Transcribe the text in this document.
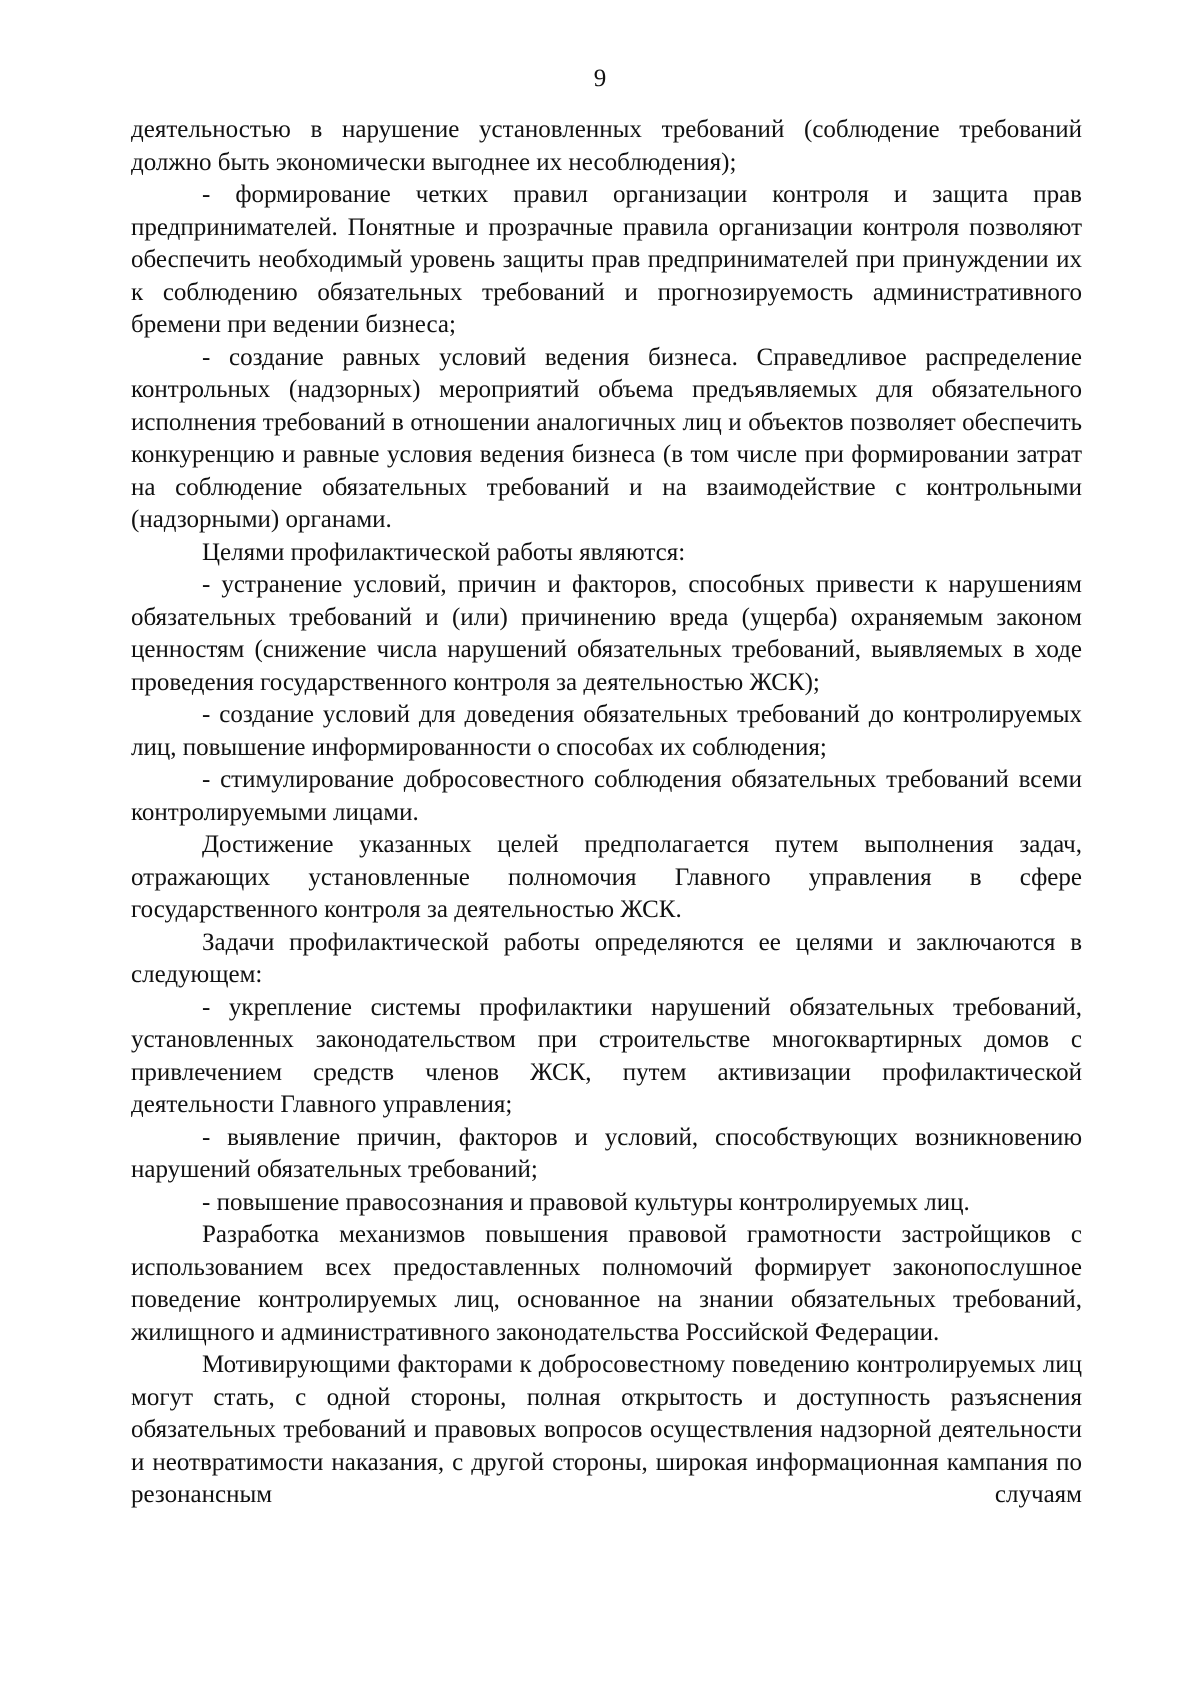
9

деятельностью в нарушение установленных требований (соблюдение требований должно быть экономически выгоднее их несоблюдения);

- формирование четких правил организации контроля и защита прав предпринимателей. Понятные и прозрачные правила организации контроля позволяют обеспечить необходимый уровень защиты прав предпринимателей при принуждении их к соблюдению обязательных требований и прогнозируемость административного бремени при ведении бизнеса;

- создание равных условий ведения бизнеса. Справедливое распределение контрольных (надзорных) мероприятий объема предъявляемых для обязательного исполнения требований в отношении аналогичных лиц и объектов позволяет обеспечить конкуренцию и равные условия ведения бизнеса (в том числе при формировании затрат на соблюдение обязательных требований и на взаимодействие с контрольными (надзорными) органами.

Целями профилактической работы являются:

- устранение условий, причин и факторов, способных привести к нарушениям обязательных требований и (или) причинению вреда (ущерба) охраняемым законом ценностям (снижение числа нарушений обязательных требований, выявляемых в ходе проведения государственного контроля за деятельностью ЖСК);

- создание условий для доведения обязательных требований до контролируемых лиц, повышение информированности о способах их соблюдения;

- стимулирование добросовестного соблюдения обязательных требований всеми контролируемыми лицами.

Достижение указанных целей предполагается путем выполнения задач, отражающих установленные полномочия Главного управления в сфере государственного контроля за деятельностью ЖСК.

Задачи профилактической работы определяются ее целями и заключаются в следующем:

- укрепление системы профилактики нарушений обязательных требований, установленных законодательством при строительстве многоквартирных домов с привлечением средств членов ЖСК, путем активизации профилактической деятельности Главного управления;

- выявление причин, факторов и условий, способствующих возникновению нарушений обязательных требований;

- повышение правосознания и правовой культуры контролируемых лиц.

Разработка механизмов повышения правовой грамотности застройщиков с использованием всех предоставленных полномочий формирует законопослушное поведение контролируемых лиц, основанное на знании обязательных требований, жилищного и административного законодательства Российской Федерации.

Мотивирующими факторами к добросовестному поведению контролируемых лиц могут стать, с одной стороны, полная открытость и доступность разъяснения обязательных требований и правовых вопросов осуществления надзорной деятельности и неотвратимости наказания, с другой стороны, широкая информационная кампания по резонансным случаям
